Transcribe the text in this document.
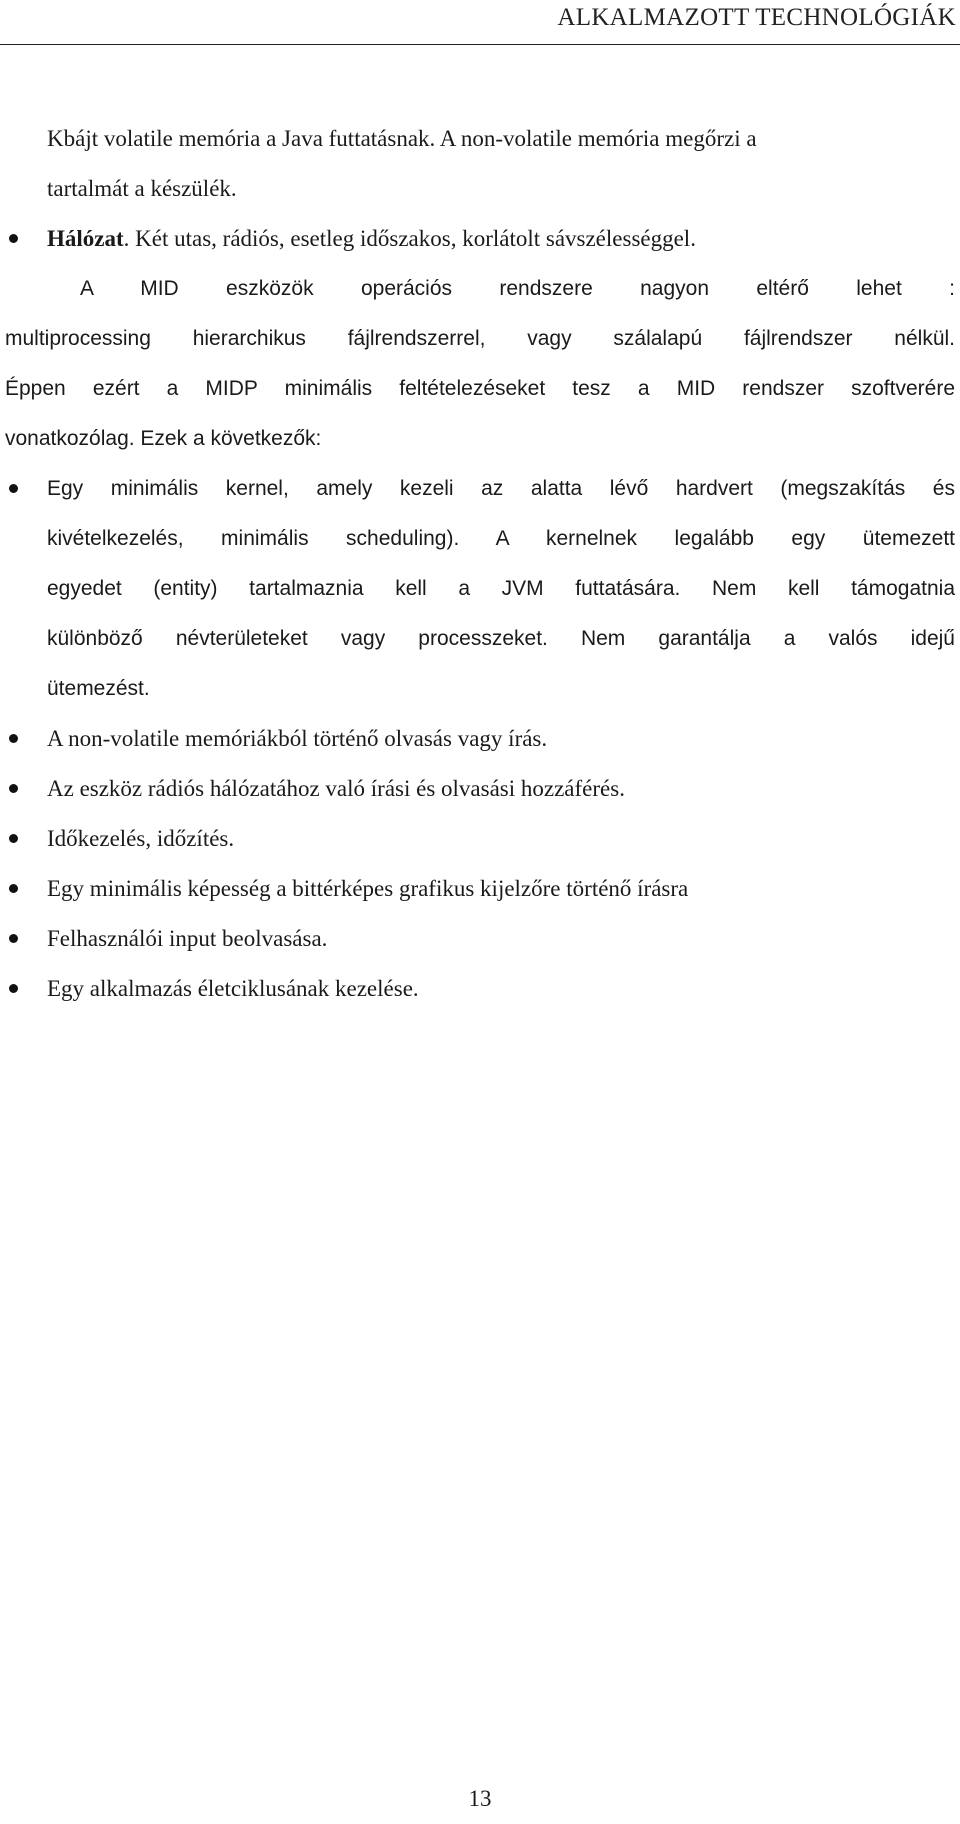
ALKALMAZOTT TECHNOLÓGIÁK
Kbájt volatile memória a Java futtatásnak. A non-volatile memória megőrzi a
tartalmát a készülék.
Hálózat. Két utas, rádiós, esetleg időszakos, korlátolt sávszélességgel.
A MID eszközök operációs rendszere nagyon eltérő lehet :
multiprocessing hierarchikus fájlrendszerrel, vagy szálalapú fájlrendszer nélkül.
Éppen ezért a MIDP minimális feltételezéseket tesz a MID rendszer szoftverére
vonatkozólag. Ezek a következők:
Egy minimális kernel, amely kezeli az alatta lévő hardvert (megszakítás és
kivételkezelés, minimális scheduling). A kernelnek legalább egy ütemezett
egyedet (entity) tartalmaznia kell a JVM futtatására. Nem kell támogatnia
különböző névterületeket vagy processzeket. Nem garantálja a valós idejű
ütemezést.
A non-volatile memóriákból történő olvasás vagy írás.
Az eszköz rádiós hálózatához való írási és olvasási hozzáférés.
Időkezelés, időzítés.
Egy minimális képesség a bittérképes grafikus kijelzőre történő írásra
Felhasználói input beolvasása.
Egy alkalmazás életciklusának kezelése.
13
